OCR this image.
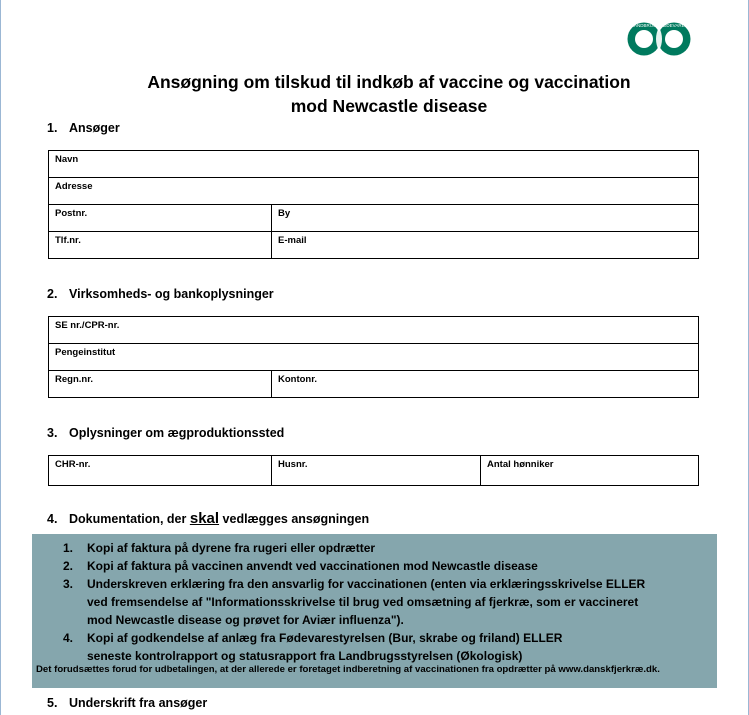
LANDBRUG FØDEVARER
Ansøgning om tilskud til indkøb af vaccine og vaccination
mod Newcastle disease
1. Ansøger
Navn	
Adresse	
Postnr.	By
Tlf.nr.	E-mail
2. Virksomheds- og bankoplysninger
SE nr./CPR-nr.
Pengeinstitut
Regn.nr.	Kontonr.
3. Oplysninger om ægproduktionssted
CHR-nr.	Husnr.	Antal hønniker
4. Dokumentation, der skal vedlægges ansøgningen
1.	Kopi af faktura på dyrene fra rugeri eller opdrætter
2.	Kopi af faktura på vaccinen anvendt ved vaccinationen mod Newcastle disease
3.	Underskreven erklæring fra den ansvarlig for vaccinationen (enten via erklæringsskrivelse ELLER
ved fremsendelse af "Informationsskrivelse til brug ved omsætning af fjerkræ, som er vaccineret
mod Newcastle disease og prøvet for Aviær influenza").
4.	Kopi af godkendelse af anlæg fra Fødevarestyrelsen (Bur, skrabe og friland) ELLER
seneste kontrolrapport og statusrapport fra Landbrugsstyrelsen (Økologisk)
Det forudsættes forud for udbetalingen, at der allerede er foretaget indberetning af vaccinationen fra opdrætter på www.danskfjerkræ.dk.
5. Underskrift fra ansøger
